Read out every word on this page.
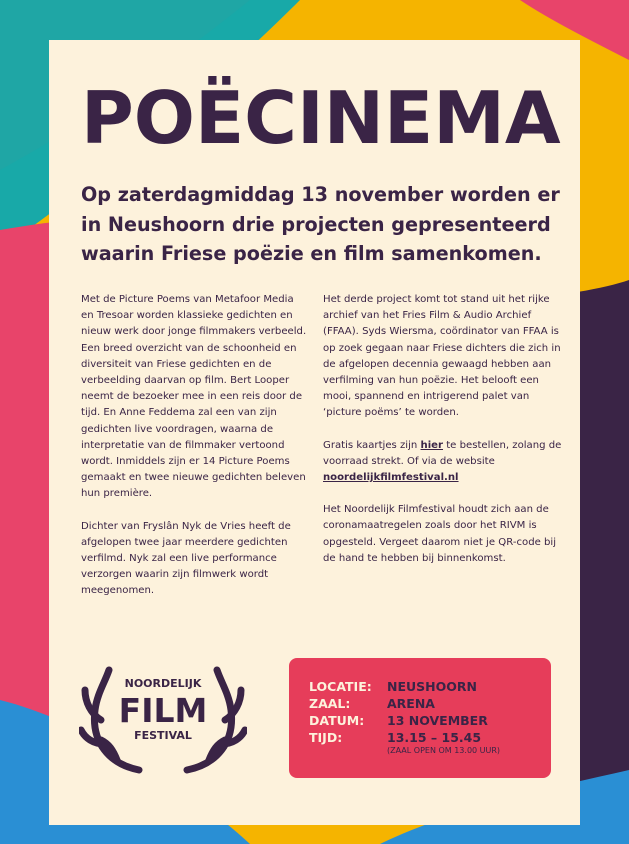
POËCINEMA

Op zaterdagmiddag 13 november worden er in Neushoorn drie projecten gepresenteerd waarin Friese poëzie en film samenkomen.

Met de Picture Poems van Metafoor Media en Tresoar worden klassieke gedichten en nieuw werk door jonge filmmakers verbeeld. Een breed overzicht van de schoonheid en diversiteit van Friese gedichten en de verbeelding daarvan op film. Bert Looper neemt de bezoeker mee in een reis door de tijd. En Anne Feddema zal een van zijn gedichten live voordragen, waarna de interpretatie van de filmmaker vertoond wordt. Inmiddels zijn er 14 Picture Poems gemaakt en twee nieuwe gedichten beleven hun première.

Dichter van Fryslân Nyk de Vries heeft de afgelopen twee jaar meerdere gedichten verfilmd. Nyk zal een live performance verzorgen waarin zijn filmwerk wordt meegenomen.

Het derde project komt tot stand uit het rijke archief van het Fries Film & Audio Archief (FFAA). Syds Wiersma, coördinator van FFAA is op zoek gegaan naar Friese dichters die zich in de afgelopen decennia gewaagd hebben aan verfilming van hun poëzie. Het belooft een mooi, spannend en intrigerend palet van ‘picture poëms’ te worden.

Gratis kaartjes zijn hier te bestellen, zolang de voorraad strekt. Of via de website noordelijkfilmfestival.nl

Het Noordelijk Filmfestival houdt zich aan de coronamaatregelen zoals door het RIVM is opgesteld. Vergeet daarom niet je QR-code bij de hand te hebben bij binnenkomst.

NOORDELIJK
FILM
FESTIVAL
LOCATIE: NEUSHOORN
ZAAL:	ARENA
DATUM: 13 NOVEMBER
TIJD:	13.15 – 15.45
(ZAAL OPEN OM 13.00 UUR)
